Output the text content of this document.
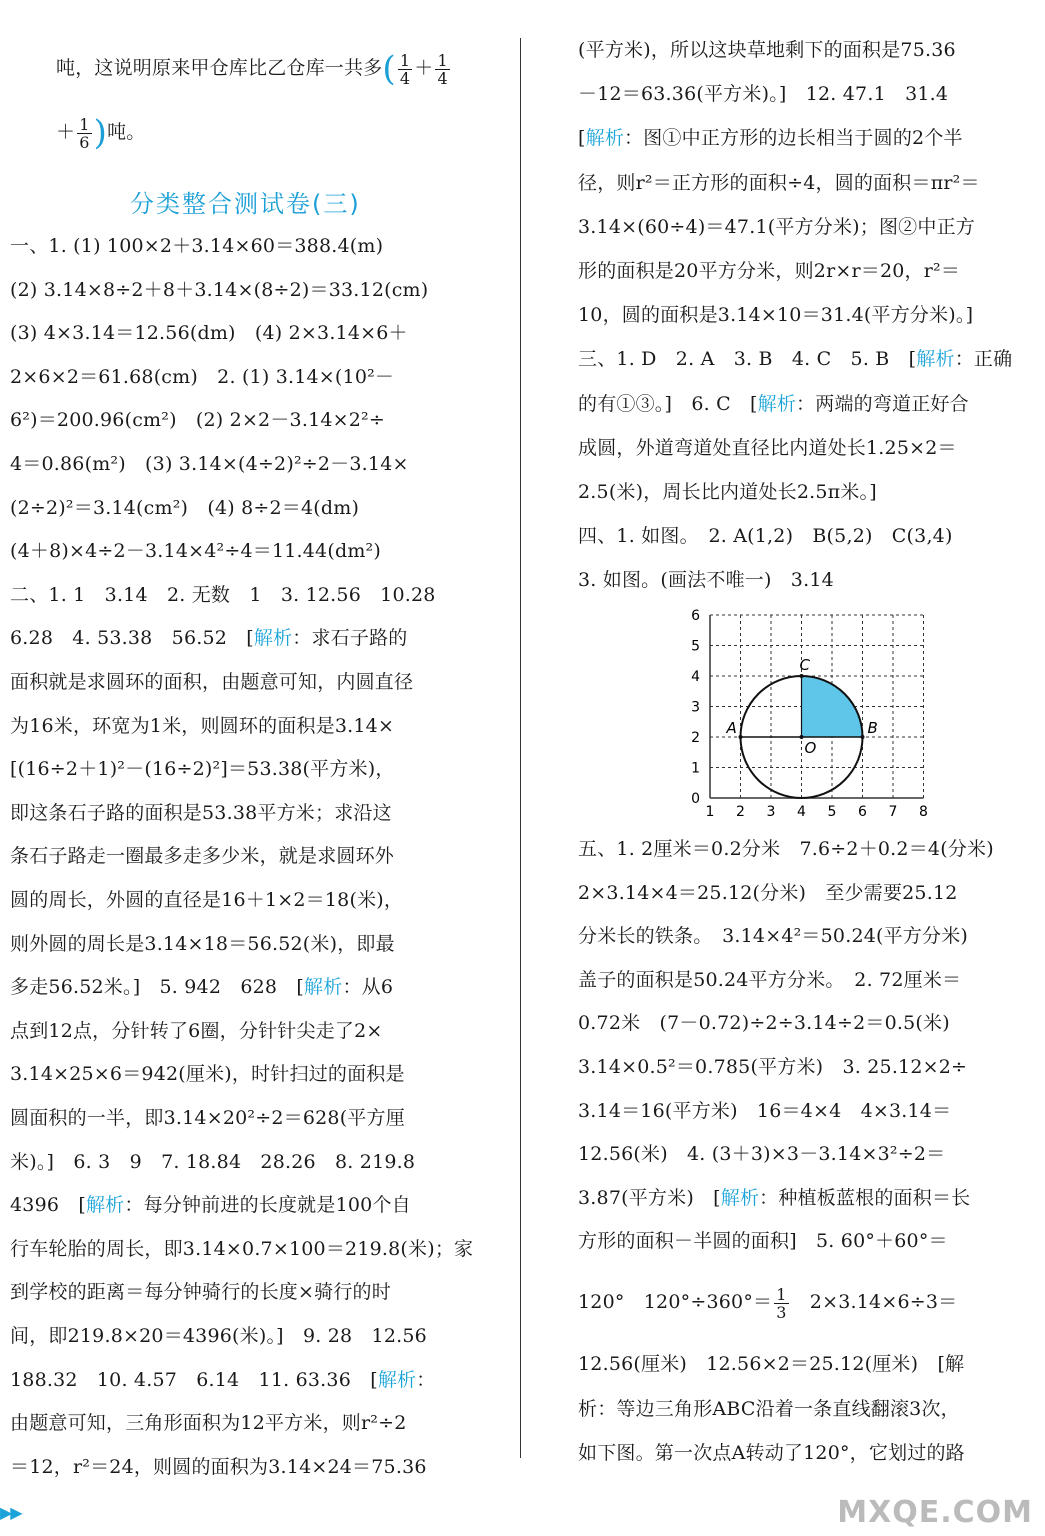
吨，这说明原来甲仓库比乙仓库一共多( $\frac{1}{4} + \frac{1}{4}$
＋ $\frac{1}{6}$ )吨。
分类整合测试卷(三)
一、1. (1) 100×2＋3.14×60＝388.4(m)
(2) 3.14×8÷2＋8＋3.14×(8÷2)＝33.12(cm)
(3) 4×3.14＝12.56(dm)　(4) 2×3.14×6＋
2×6×2＝61.68(cm)　2. (1) 3.14×(10²－
6²)＝200.96(cm²)　(2) 2×2－3.14×2²÷
4＝0.86(m²)　(3) 3.14×(4÷2)²÷2－3.14×
(2÷2)²＝3.14(cm²)　(4) 8÷2＝4(dm)
(4＋8)×4÷2－3.14×4²÷4＝11.44(dm²)
二、1. 1　3.14　2. 无数　1　3. 12.56　10.28
6.28　4. 53.38　56.52　[解析：求石子路的
面积就是求圆环的面积，由题意可知，内圆直径
为16米，环宽为1米，则圆环的面积是3.14×
[(16÷2＋1)²－(16÷2)²]＝53.38(平方米)，
即这条石子路的面积是53.38平方米；求沿这
条石子路走一圈最多走多少米，就是求圆环外
圆的周长，外圆的直径是16＋1×2＝18(米)，
则外圆的周长是3.14×18＝56.52(米)，即最
多走56.52米。]　5. 942　628　[解析：从6
点到12点，分针转了6圈，分针针尖走了2×
3.14×25×6＝942(厘米)，时针扫过的面积是
圆面积的一半，即3.14×20²÷2＝628(平方厘
米)。]　6. 3　9　7. 18.84　28.26　8. 219.8
4396　[解析：每分钟前进的长度就是100个自
行车轮胎的周长，即3.14×0.7×100＝219.8(米)；家
到学校的距离＝每分钟骑行的长度×骑行的时
间，即219.8×20＝4396(米)。]　9. 28　12.56
188.32　10. 4.57　6.14　11. 63.36　[解析：
由题意可知，三角形面积为12平方米，则r²÷2
＝12，r²＝24，则圆的面积为3.14×24＝75.36
(平方米)，所以这块草地剩下的面积是75.36
－12＝63.36(平方米)。]　12. 47.1　31.4
[解析：图①中正方形的边长相当于圆的2个半
径，则r²＝正方形的面积÷4，圆的面积＝πr²＝
3.14×(60÷4)＝47.1(平方分米)；图②中正方
形的面积是20平方分米，则2r×r＝20，r²＝
10，圆的面积是3.14×10＝31.4(平方分米)。]
三、1. D　2. A　3. B　4. C　5. B　[解析：正确
的有①③。]　6. C　[解析：两端的弯道正好合
成圆，外道弯道处直径比内道处长1.25×2＝
2.5(米)，周长比内道处长2.5π米。]
四、1. 如图。　2. A(1,2)　B(5,2)　C(3,4)
3. 如图。(画法不唯一)　3.14
1 2 3 4 5 6 7 8
0
1
2
3
4
5
6
A	B
C
O
五、1. 2厘米＝0.2分米　7.6÷2＋0.2＝4(分米)
2×3.14×4＝25.12(分米)　至少需要25.12
分米长的铁条。　3.14×4²＝50.24(平方分米)
盖子的面积是50.24平方分米。　2. 72厘米＝
0.72米　(7－0.72)÷2÷3.14÷2＝0.5(米)
3.14×0.5²＝0.785(平方米)　3. 25.12×2÷
3.14＝16(平方米)　16＝4×4　4×3.14＝
12.56(米)　4. (3＋3)×3－3.14×3²÷2＝
3.87(平方米)　[解析：种植板蓝根的面积＝长
方形的面积－半圆的面积]　5. 60°＋60°＝
120°　$120^\circ\div 360^\circ= \frac{1}{3}$ 　2×3.14×6÷3＝
12.56(厘米)　12.56×2＝25.12(厘米)　[解
析：等边三角形ABC沿着一条直线翻滚3次，
如下图。第一次点A转动了120°，它划过的路
▶▶	MXQE.COM
